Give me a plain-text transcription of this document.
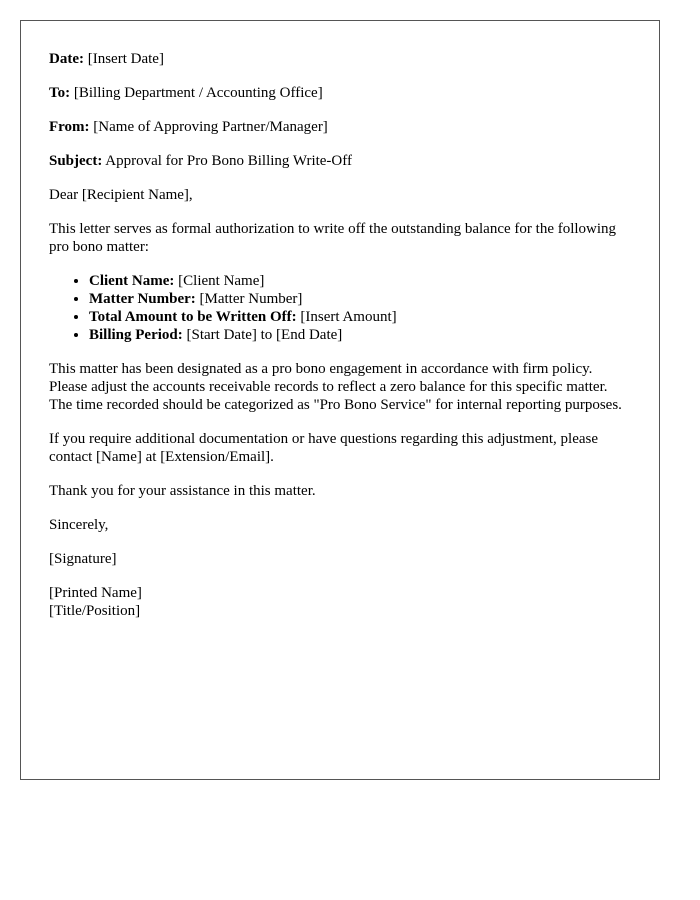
Date: [Insert Date]

To: [Billing Department / Accounting Office]

From: [Name of Approving Partner/Manager]

Subject: Approval for Pro Bono Billing Write-Off

Dear [Recipient Name],

This letter serves as formal authorization to write off the outstanding balance for the following pro bono matter:

• Client Name: [Client Name]
• Matter Number: [Matter Number]
• Total Amount to be Written Off: [Insert Amount]
• Billing Period: [Start Date] to [End Date]

This matter has been designated as a pro bono engagement in accordance with firm policy. Please adjust the accounts receivable records to reflect a zero balance for this specific matter. The time recorded should be categorized as "Pro Bono Service" for internal reporting purposes.

If you require additional documentation or have questions regarding this adjustment, please contact [Name] at [Extension/Email].

Thank you for your assistance in this matter.

Sincerely,

[Signature]

[Printed Name]
[Title/Position]
